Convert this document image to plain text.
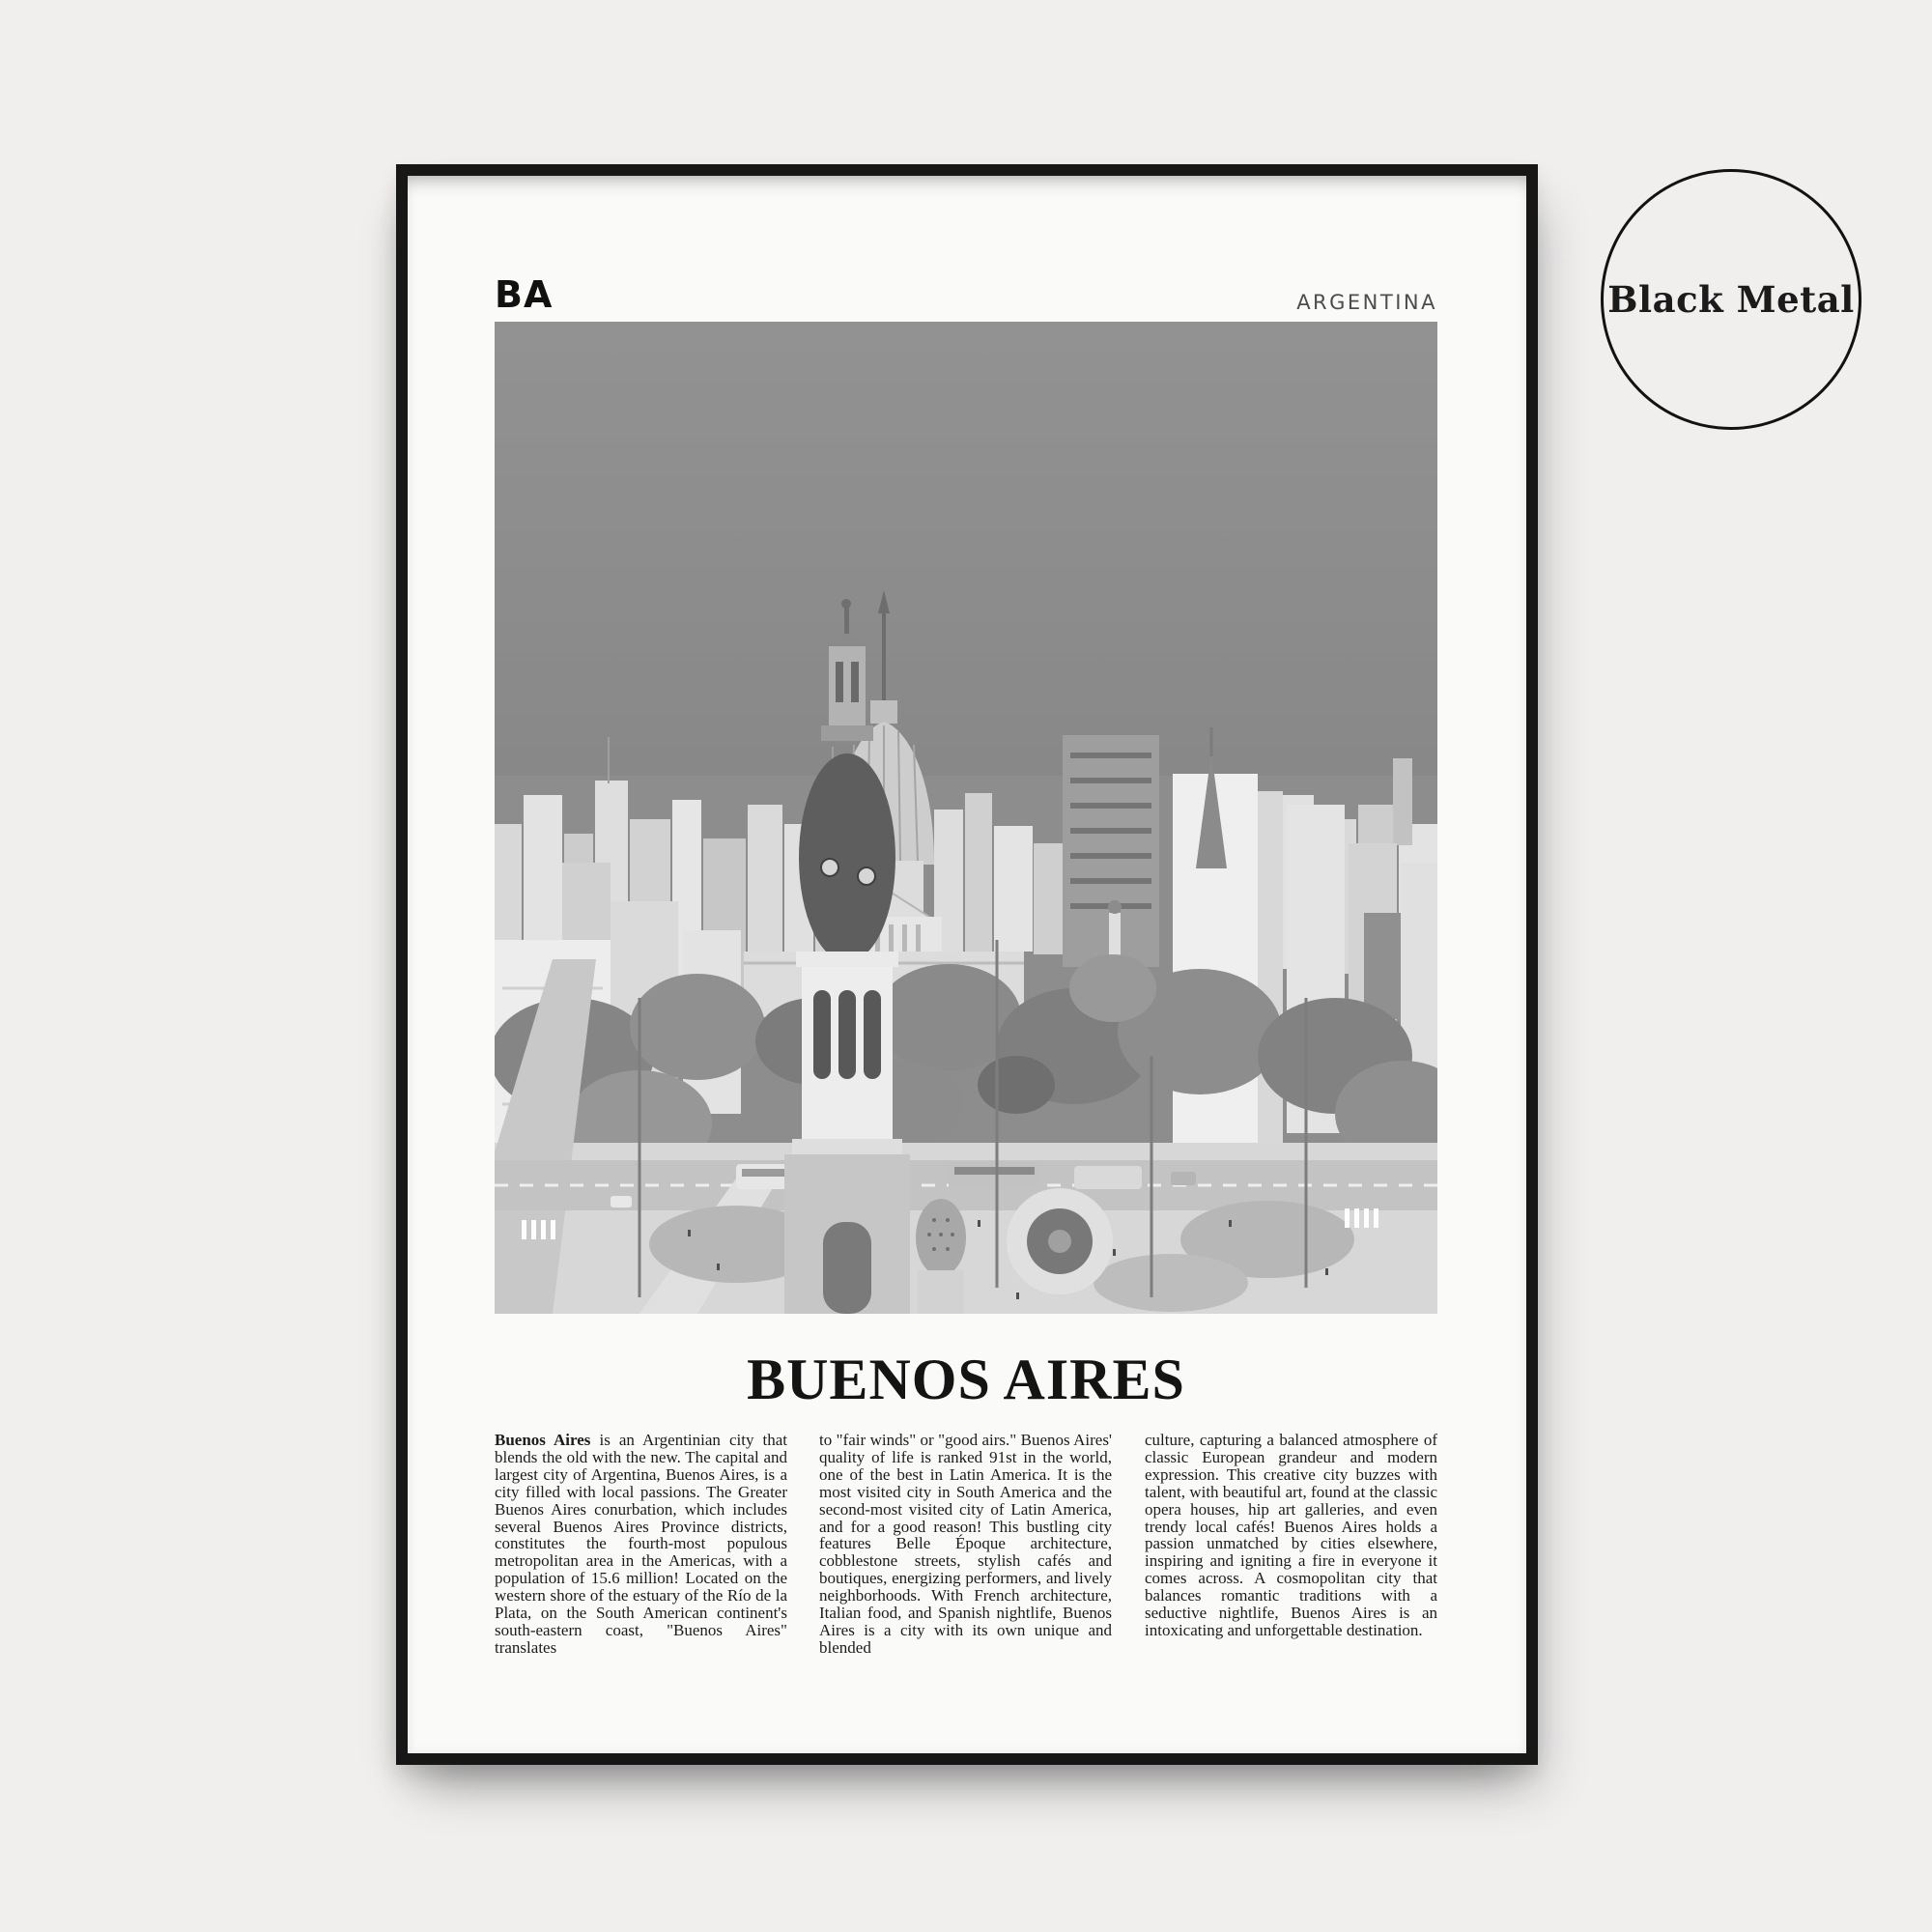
BA	ARGENTINA
BUENOS AIRES

Buenos Aires is an Argentinian city that blends the old with the new. The capital and largest city of Argentina, Buenos Aires, is a city filled with local passions. The Greater Buenos Aires conurbation, which includes several Buenos Aires Province districts, constitutes the fourth-most populous metropolitan area in the Americas, with a population of 15.6 million! Located on the western shore of the estuary of the Río de la Plata, on the South American continent's south-eastern coast, "Buenos Aires" translates

to "fair winds" or "good airs." Buenos Aires' quality of life is ranked 91st in the world, one of the best in Latin America. It is the most visited city in South America and the second-most visited city of Latin America, and for a good reason! This bustling city features Belle Époque architecture, cobblestone streets, stylish cafés and boutiques, energizing performers, and lively neighborhoods. With French architecture, Italian food, and Spanish nightlife, Buenos Aires is a city with its own unique and blended

culture, capturing a balanced atmosphere of classic European grandeur and modern expression. This creative city buzzes with talent, with beautiful art, found at the classic opera houses, hip art galleries, and even trendy local cafés! Buenos Aires holds a passion unmatched by cities elsewhere, inspiring and igniting a fire in everyone it comes across. A cosmopolitan city that balances romantic traditions with a seductive nightlife, Buenos Aires is an intoxicating and unforgettable destination.

Black Metal
